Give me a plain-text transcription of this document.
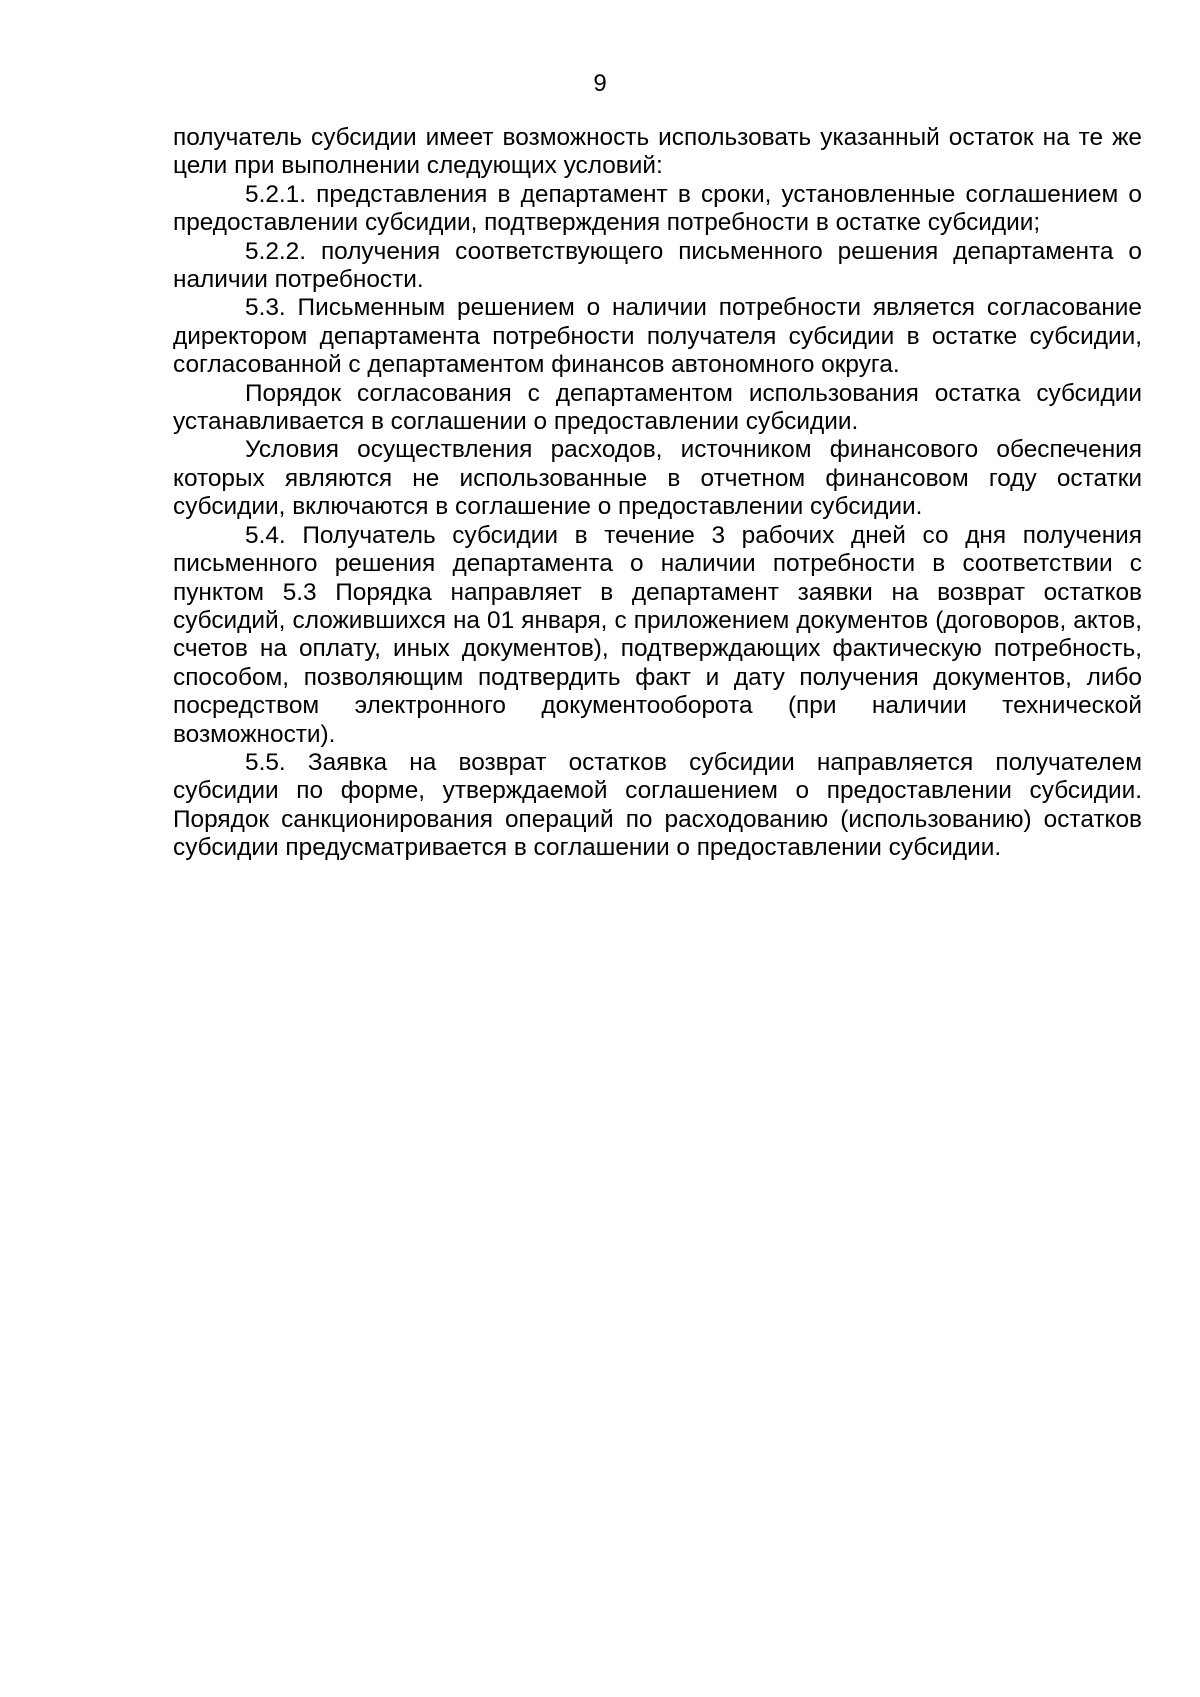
9

получатель субсидии имеет возможность использовать указанный остаток на те же цели при выполнении следующих условий:

5.2.1. представления в департамент в сроки, установленные соглашением о предоставлении субсидии, подтверждения потребности в остатке субсидии;

5.2.2. получения соответствующего письменного решения департамента о наличии потребности.

5.3. Письменным решением о наличии потребности является согласование директором департамента потребности получателя субсидии в остатке субсидии, согласованной с департаментом финансов автономного округа.

Порядок согласования с департаментом использования остатка субсидии устанавливается в соглашении о предоставлении субсидии.

Условия осуществления расходов, источником финансового обеспечения которых являются не использованные в отчетном финансовом году остатки субсидии, включаются в соглашение о предоставлении субсидии.

5.4. Получатель субсидии в течение 3 рабочих дней со дня получения письменного решения департамента о наличии потребности в соответствии с пунктом 5.3 Порядка направляет в департамент заявки на возврат остатков субсидий, сложившихся на 01 января, с приложением документов (договоров, актов, счетов на оплату, иных документов), подтверждающих фактическую потребность, способом, позволяющим подтвердить факт и дату получения документов, либо посредством электронного документооборота (при наличии технической возможности).

5.5. Заявка на возврат остатков субсидии направляется получателем субсидии по форме, утверждаемой соглашением о предоставлении субсидии. Порядок санкционирования операций по расходованию (использованию) остатков субсидии предусматривается в соглашении о предоставлении субсидии.
